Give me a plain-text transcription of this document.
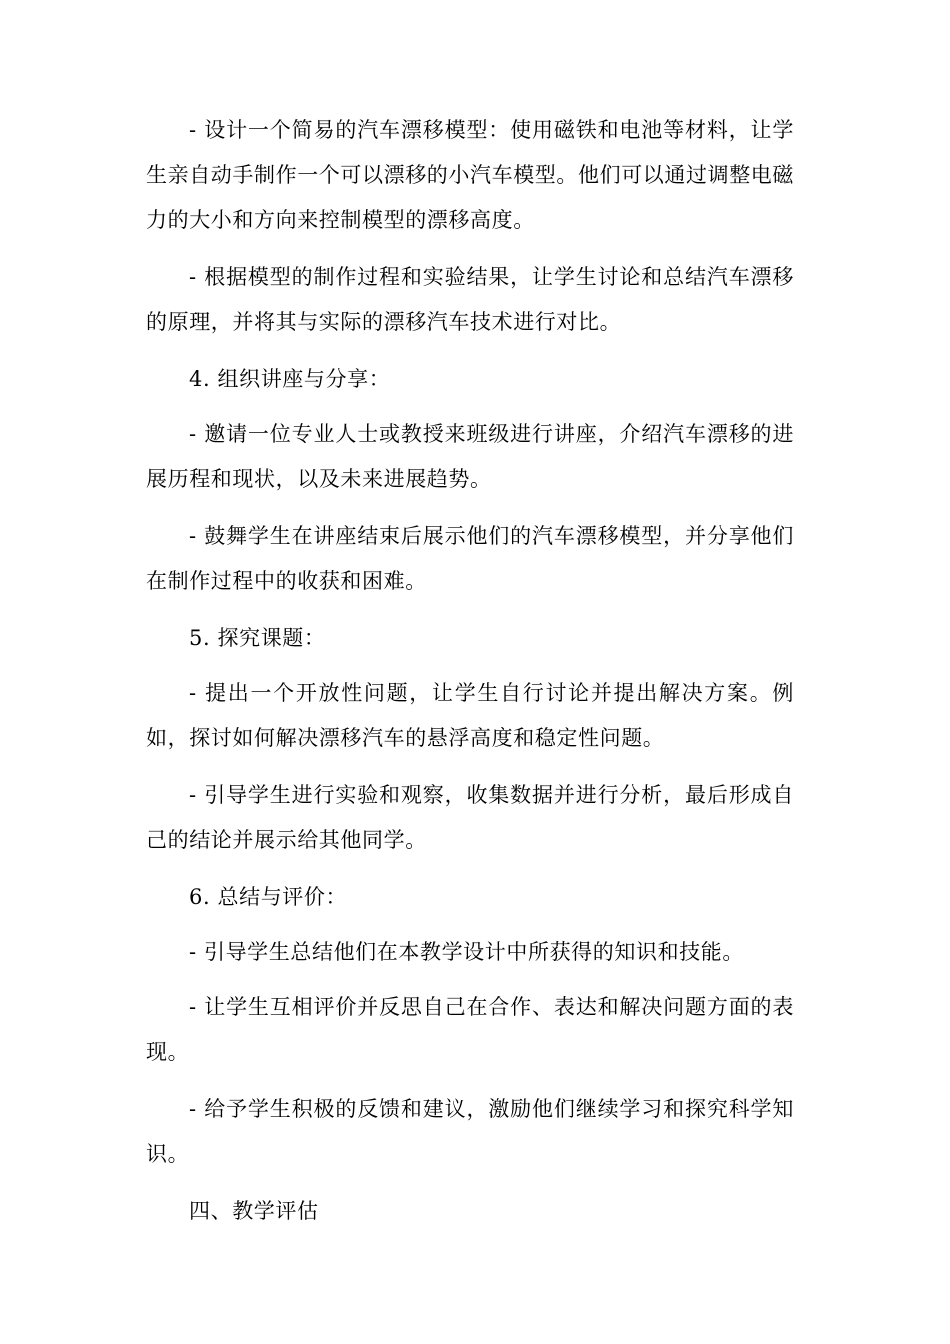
- 设计一个简易的汽车漂移模型：使用磁铁和电池等材料，让学生亲自动手制作一个可以漂移的小汽车模型。他们可以通过调整电磁力的大小和方向来控制模型的漂移高度。

- 根据模型的制作过程和实验结果，让学生讨论和总结汽车漂移的原理，并将其与实际的漂移汽车技术进行对比。

4. 组织讲座与分享：

- 邀请一位专业人士或教授来班级进行讲座，介绍汽车漂移的进展历程和现状，以及未来进展趋势。

- 鼓舞学生在讲座结束后展示他们的汽车漂移模型，并分享他们在制作过程中的收获和困难。

5. 探究课题：

- 提出一个开放性问题，让学生自行讨论并提出解决方案。例如，探讨如何解决漂移汽车的悬浮高度和稳定性问题。

- 引导学生进行实验和观察，收集数据并进行分析，最后形成自己的结论并展示给其他同学。

6. 总结与评价：

- 引导学生总结他们在本教学设计中所获得的知识和技能。

- 让学生互相评价并反思自己在合作、表达和解决问题方面的表现。

- 给予学生积极的反馈和建议，激励他们继续学习和探究科学知识。

四、教学评估
